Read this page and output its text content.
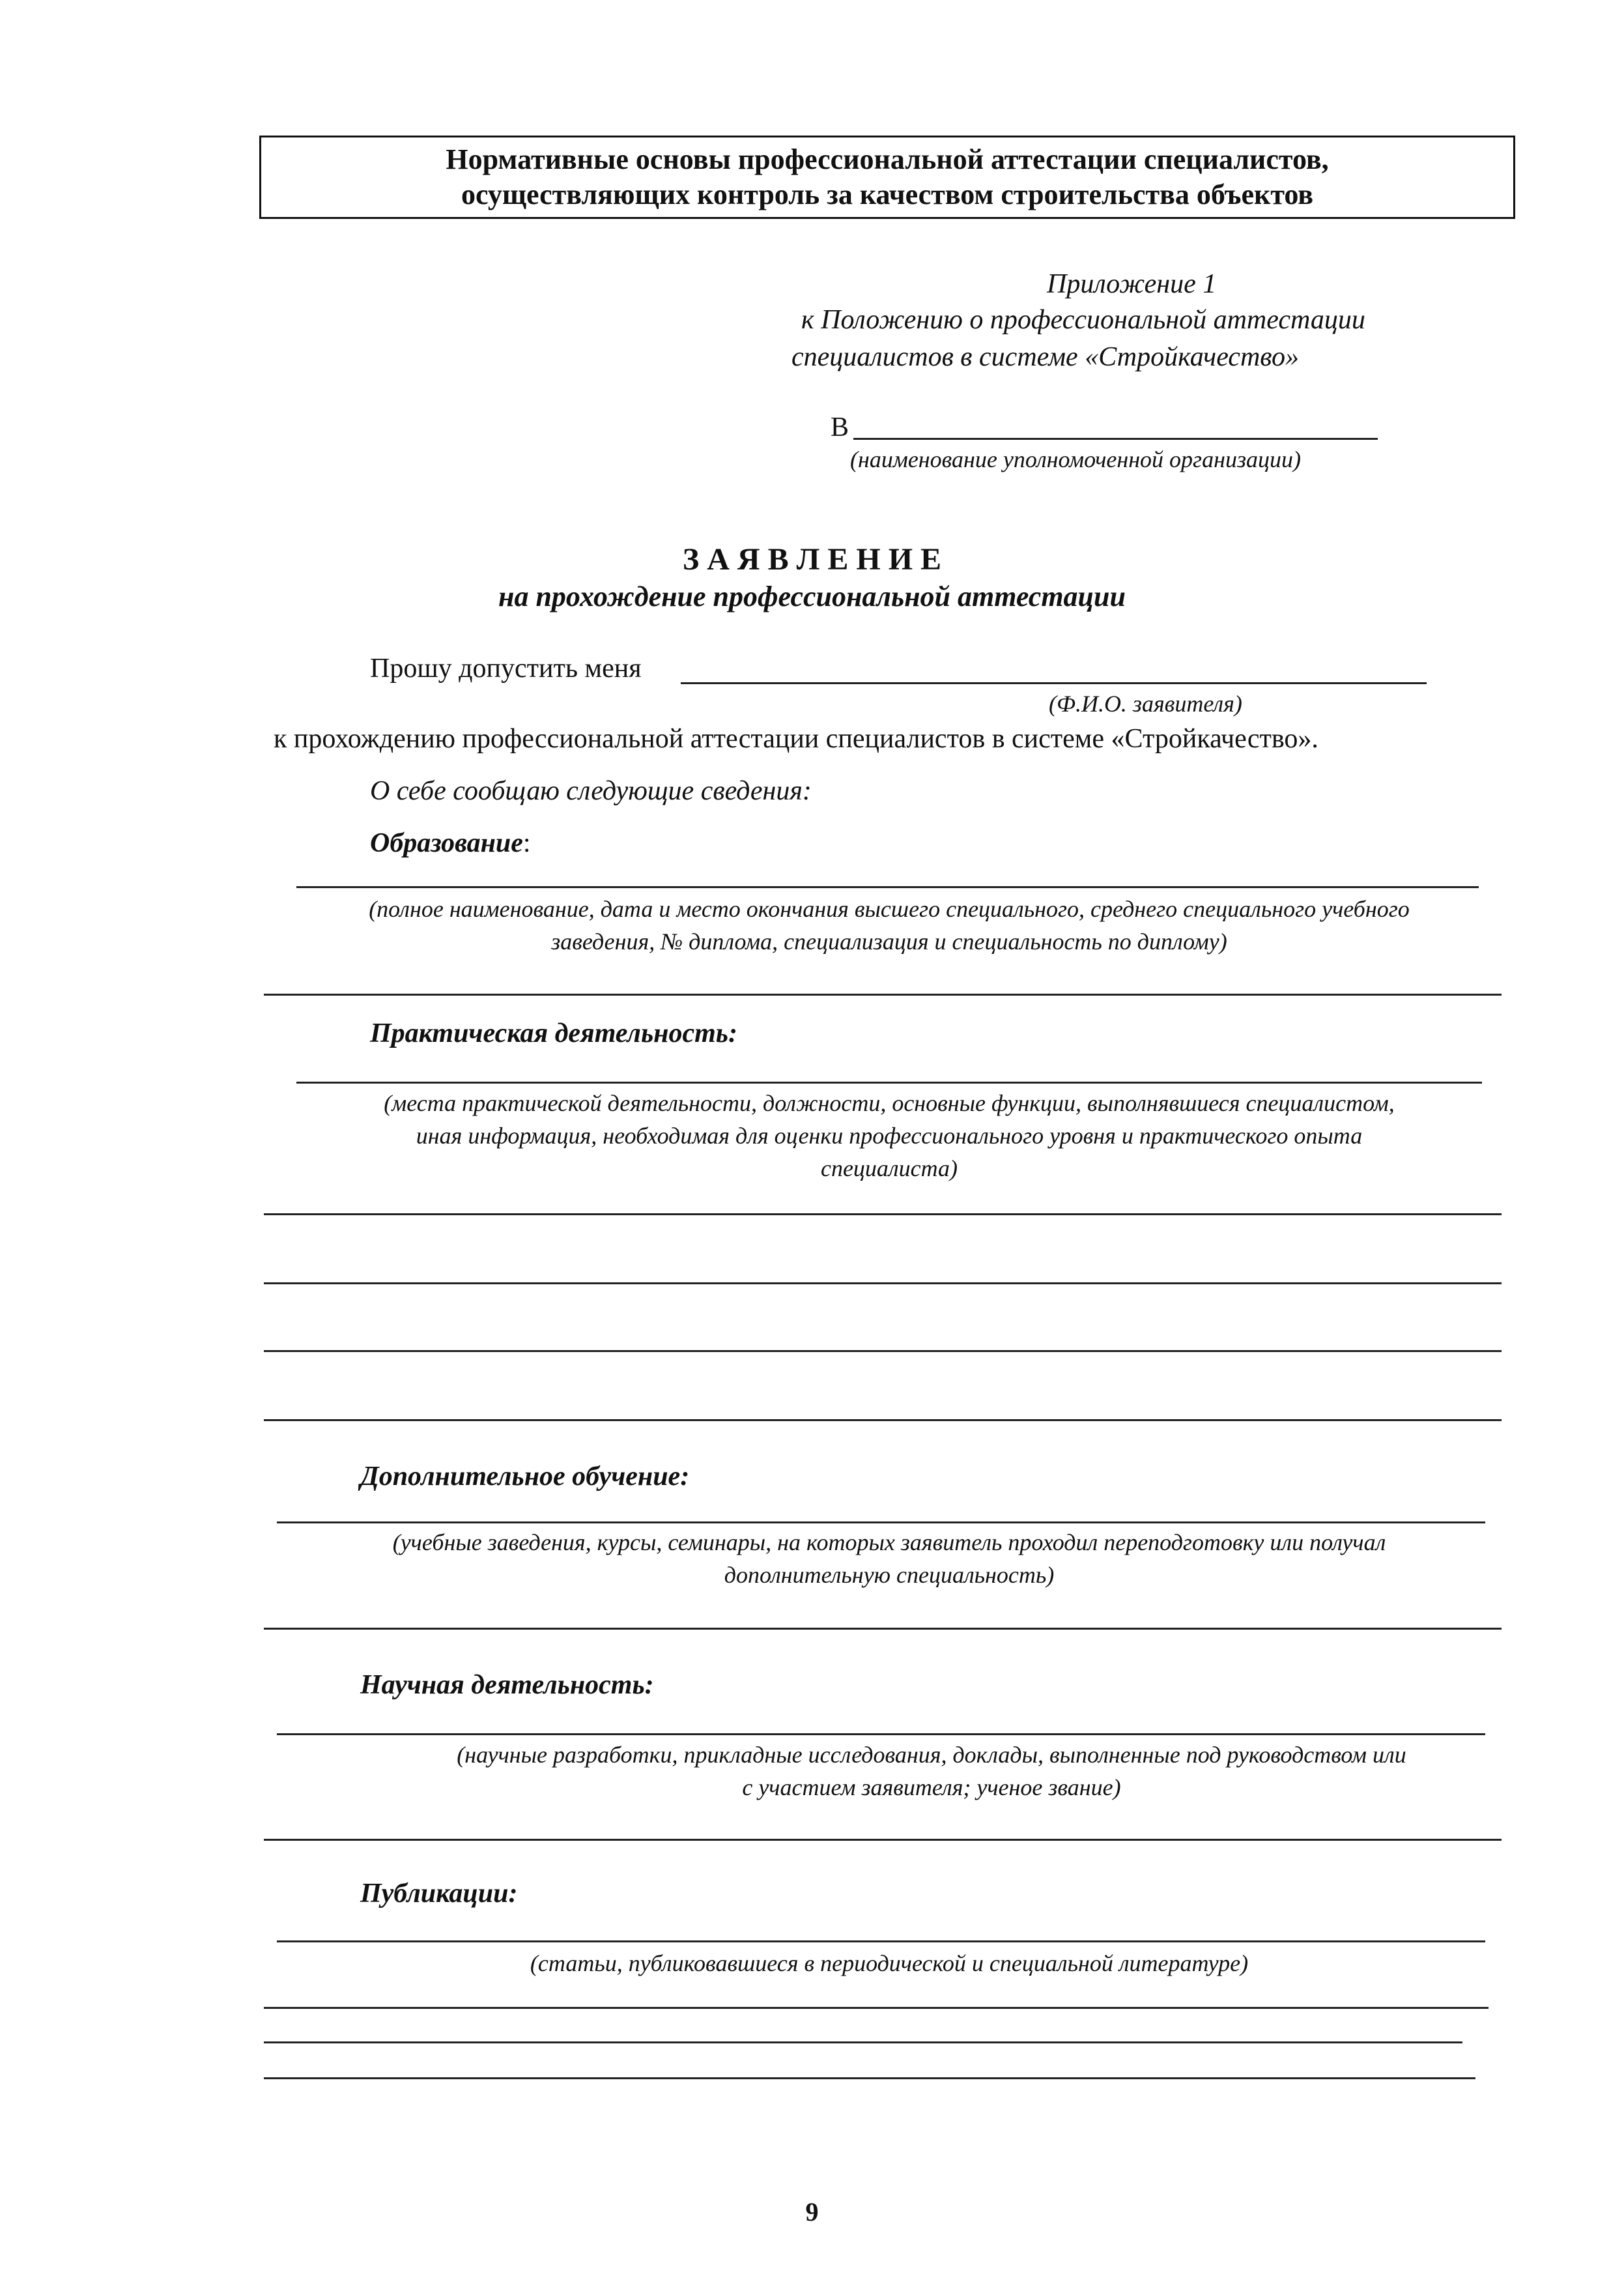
Нормативные основы профессиональной аттестации специалистов,
осуществляющих контроль за качеством строительства объектов
Приложение 1
к Положению о профессиональной аттестации
специалистов в системе «Стройкачество»
В
(наименование уполномоченной организации)
З А Я В Л Е Н И Е
на прохождение профессиональной аттестации
Прошу допустить меня
(Ф.И.О. заявителя)
к прохождению профессиональной аттестации специалистов в системе «Стройкачество».
О себе сообщаю следующие сведения:
Образование:
(полное наименование, дата и место окончания высшего специального, среднего специального учебного
заведения, № диплома, специализация и специальность по диплому)
Практическая деятельность:
(места практической деятельности, должности, основные функции, выполнявшиеся специалистом,
иная информация, необходимая для оценки профессионального уровня и практического опыта
специалиста)
Дополнительное обучение:
(учебные заведения, курсы, семинары, на которых заявитель проходил переподготовку или получал
дополнительную специальность)
Научная деятельность:
(научные разработки, прикладные исследования, доклады, выполненные под руководством или
с участием заявителя; ученое звание)
Публикации:
(статьи, публиковавшиеся в периодической и специальной литературе)
9
